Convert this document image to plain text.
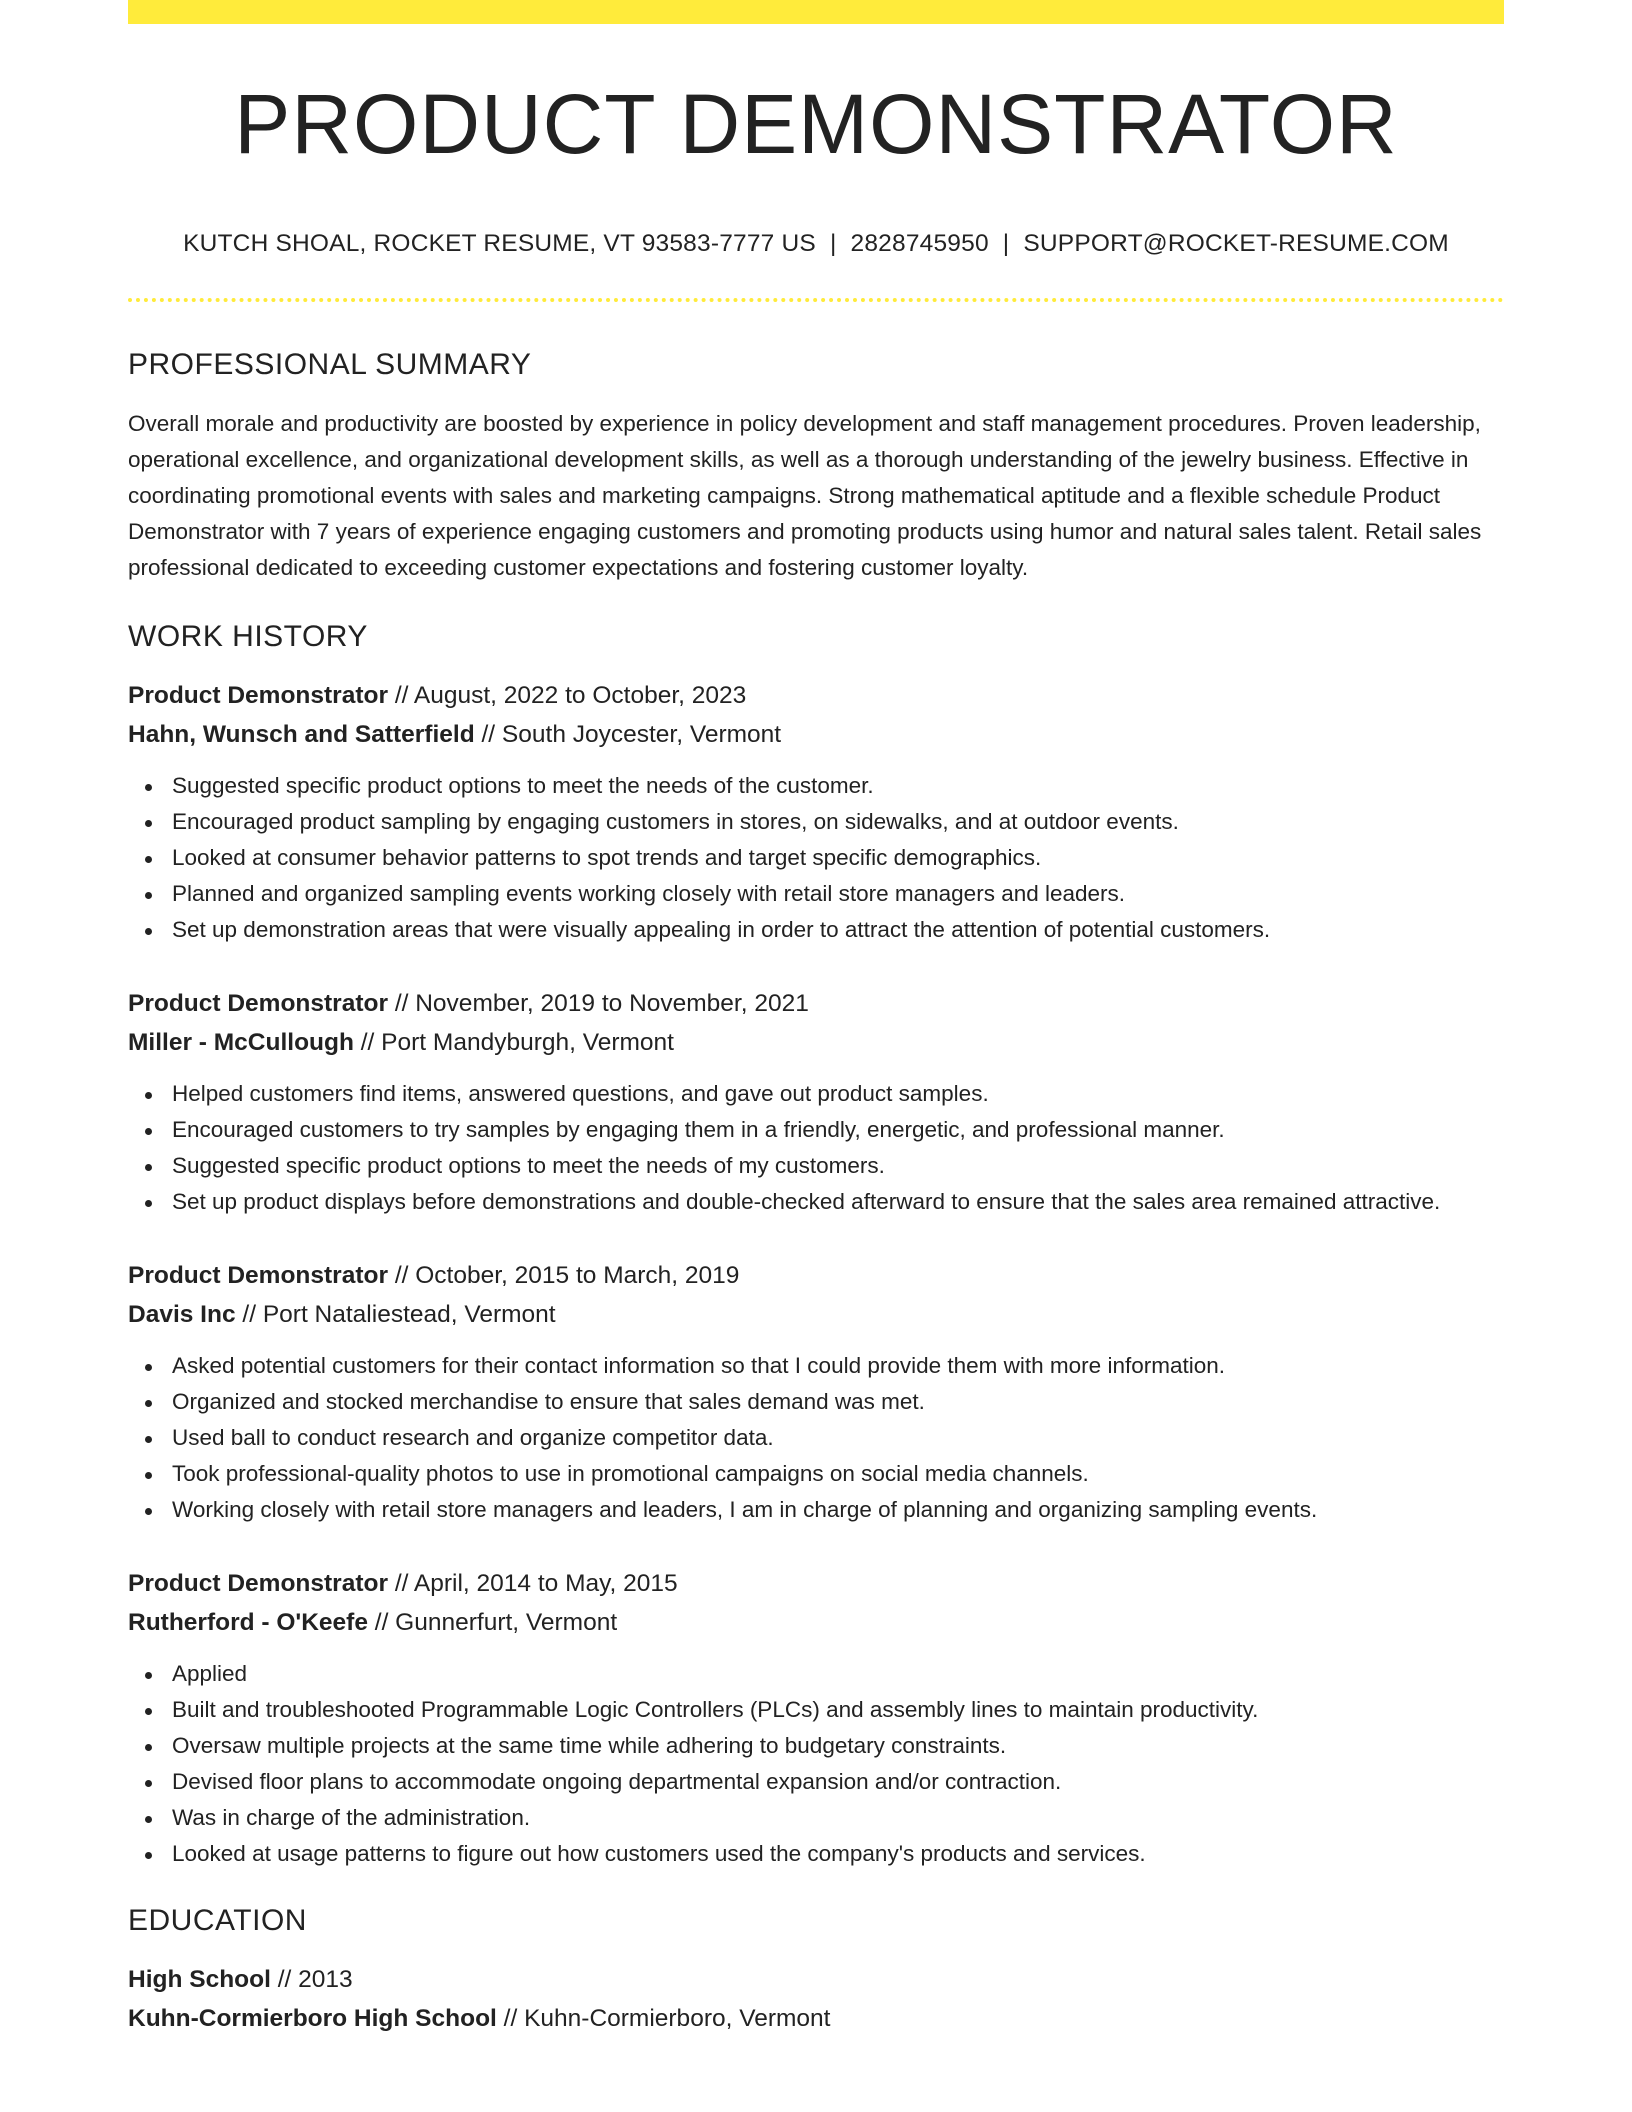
PRODUCT DEMONSTRATOR
KUTCH SHOAL, ROCKET RESUME, VT 93583-7777 US | 2828745950 | SUPPORT@ROCKET-RESUME.COM
PROFESSIONAL SUMMARY

Overall morale and productivity are boosted by experience in policy development and staff management procedures. Proven leadership, operational excellence, and organizational development skills, as well as a thorough understanding of the jewelry business. Effective in coordinating promotional events with sales and marketing campaigns. Strong mathematical aptitude and a flexible schedule Product Demonstrator with 7 years of experience engaging customers and promoting products using humor and natural sales talent. Retail sales professional dedicated to exceeding customer expectations and fostering customer loyalty.

WORK HISTORY
Product Demonstrator // August, 2022 to October, 2023
Hahn, Wunsch and Satterfield // South Joycester, Vermont
Suggested specific product options to meet the needs of the customer.
Encouraged product sampling by engaging customers in stores, on sidewalks, and at outdoor events.
Looked at consumer behavior patterns to spot trends and target specific demographics.
Planned and organized sampling events working closely with retail store managers and leaders.
Set up demonstration areas that were visually appealing in order to attract the attention of potential customers.
Product Demonstrator // November, 2019 to November, 2021
Miller - McCullough // Port Mandyburgh, Vermont
Helped customers find items, answered questions, and gave out product samples.
Encouraged customers to try samples by engaging them in a friendly, energetic, and professional manner.
Suggested specific product options to meet the needs of my customers.
Set up product displays before demonstrations and double-checked afterward to ensure that the sales area remained attractive.
Product Demonstrator // October, 2015 to March, 2019
Davis Inc // Port Nataliestead, Vermont
Asked potential customers for their contact information so that I could provide them with more information.
Organized and stocked merchandise to ensure that sales demand was met.
Used ball to conduct research and organize competitor data.
Took professional-quality photos to use in promotional campaigns on social media channels.
Working closely with retail store managers and leaders, I am in charge of planning and organizing sampling events.
Product Demonstrator // April, 2014 to May, 2015
Rutherford - O'Keefe // Gunnerfurt, Vermont
Applied
Built and troubleshooted Programmable Logic Controllers (PLCs) and assembly lines to maintain productivity.
Oversaw multiple projects at the same time while adhering to budgetary constraints.
Devised floor plans to accommodate ongoing departmental expansion and/or contraction.
Was in charge of the administration.
Looked at usage patterns to figure out how customers used the company's products and services.
EDUCATION
High School // 2013
Kuhn-Cormierboro High School // Kuhn-Cormierboro, Vermont
